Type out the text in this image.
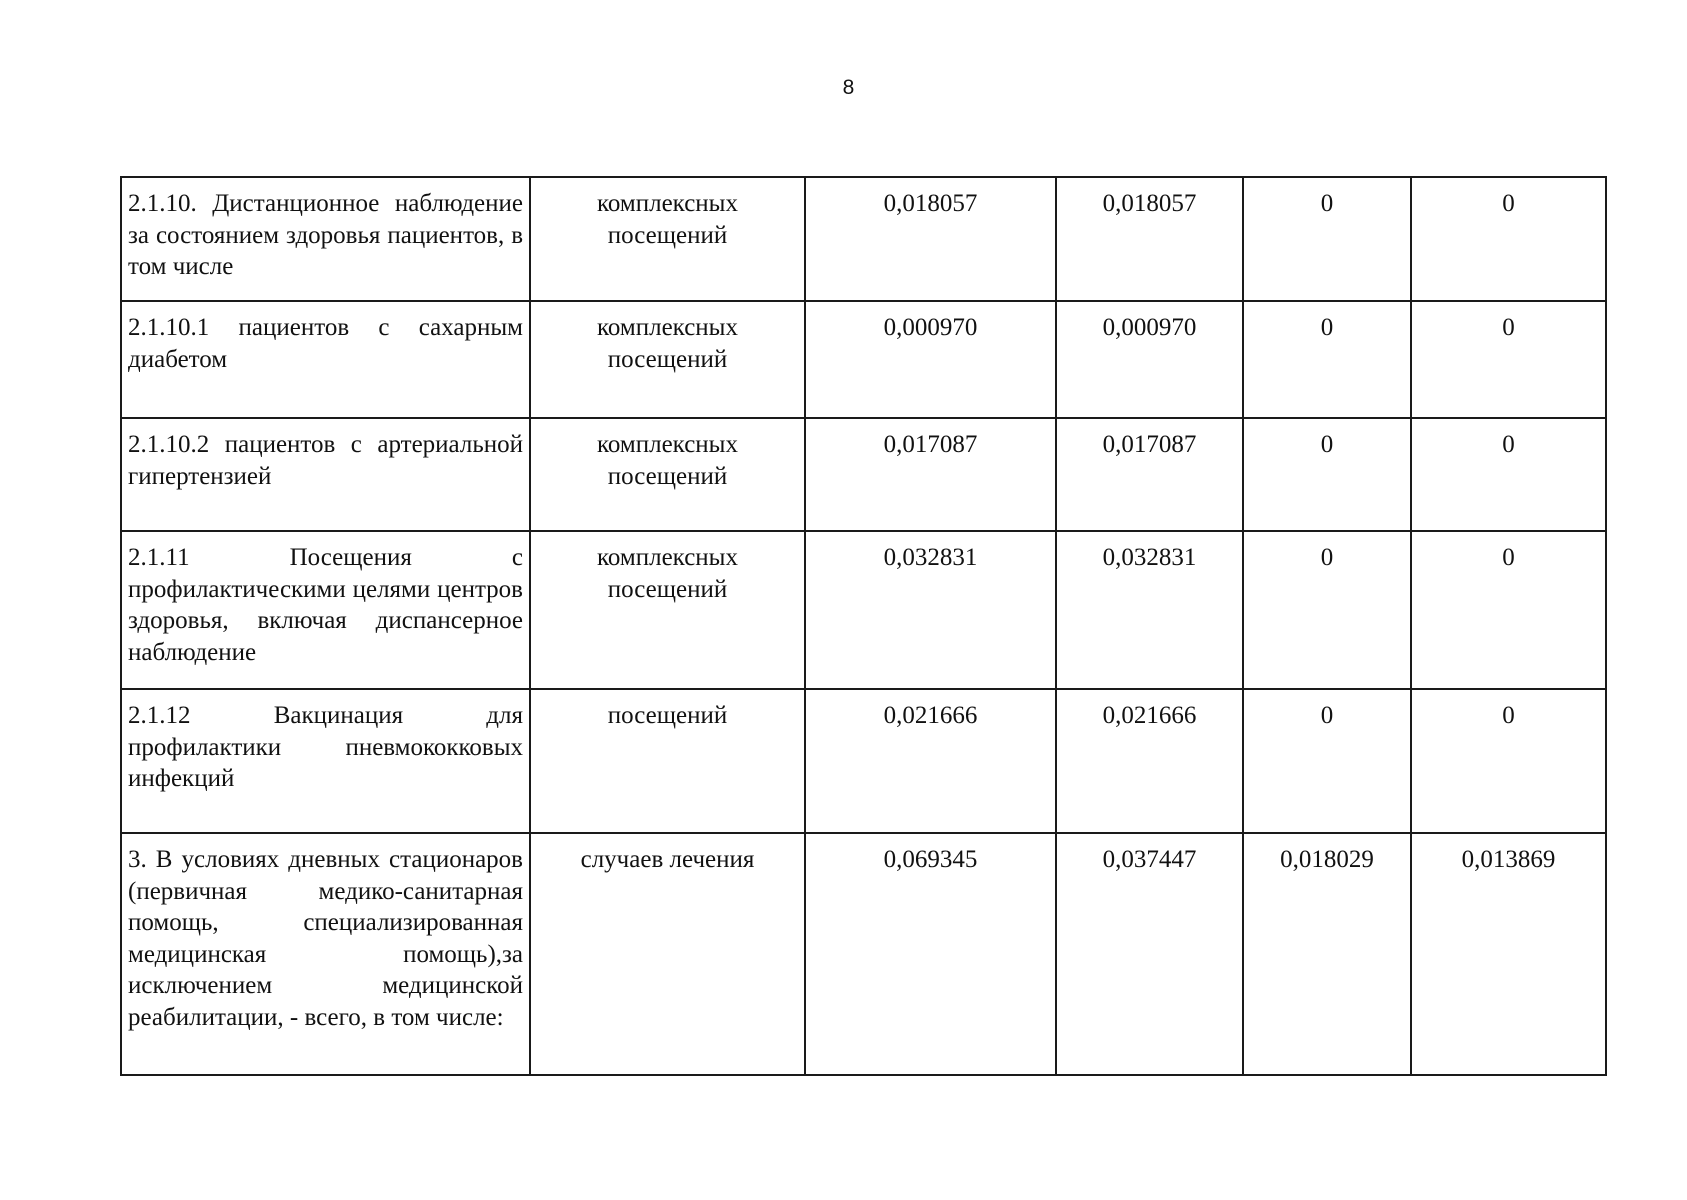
8
2.1.10. Дистанционное наблюдение за состоянием здоровья пациентов, в том числе	комплексных посещений	0,018057	0,018057	0	0

2.1.10.1 пациентов с сахарным диабетом	комплексных посещений	0,000970	0,000970	0	0

2.1.10.2 пациентов с артериальной гипертензией	комплексных посещений	0,017087	0,017087	0	0

2.1.11 Посещения с профилактическими целями центров здоровья, включая диспансерное наблюдение	комплексных посещений	0,032831	0,032831	0	0

2.1.12 Вакцинация для профилактики пневмококковых инфекций	посещений	0,021666	0,021666	0	0

3. В условиях дневных стационаров (первичная медико-санитарная помощь, специализированная медицинская помощь),за исключением медицинской реабилитации, - всего, в том числе:	случаев лечения	0,069345	0,037447	0,018029	0,013869
